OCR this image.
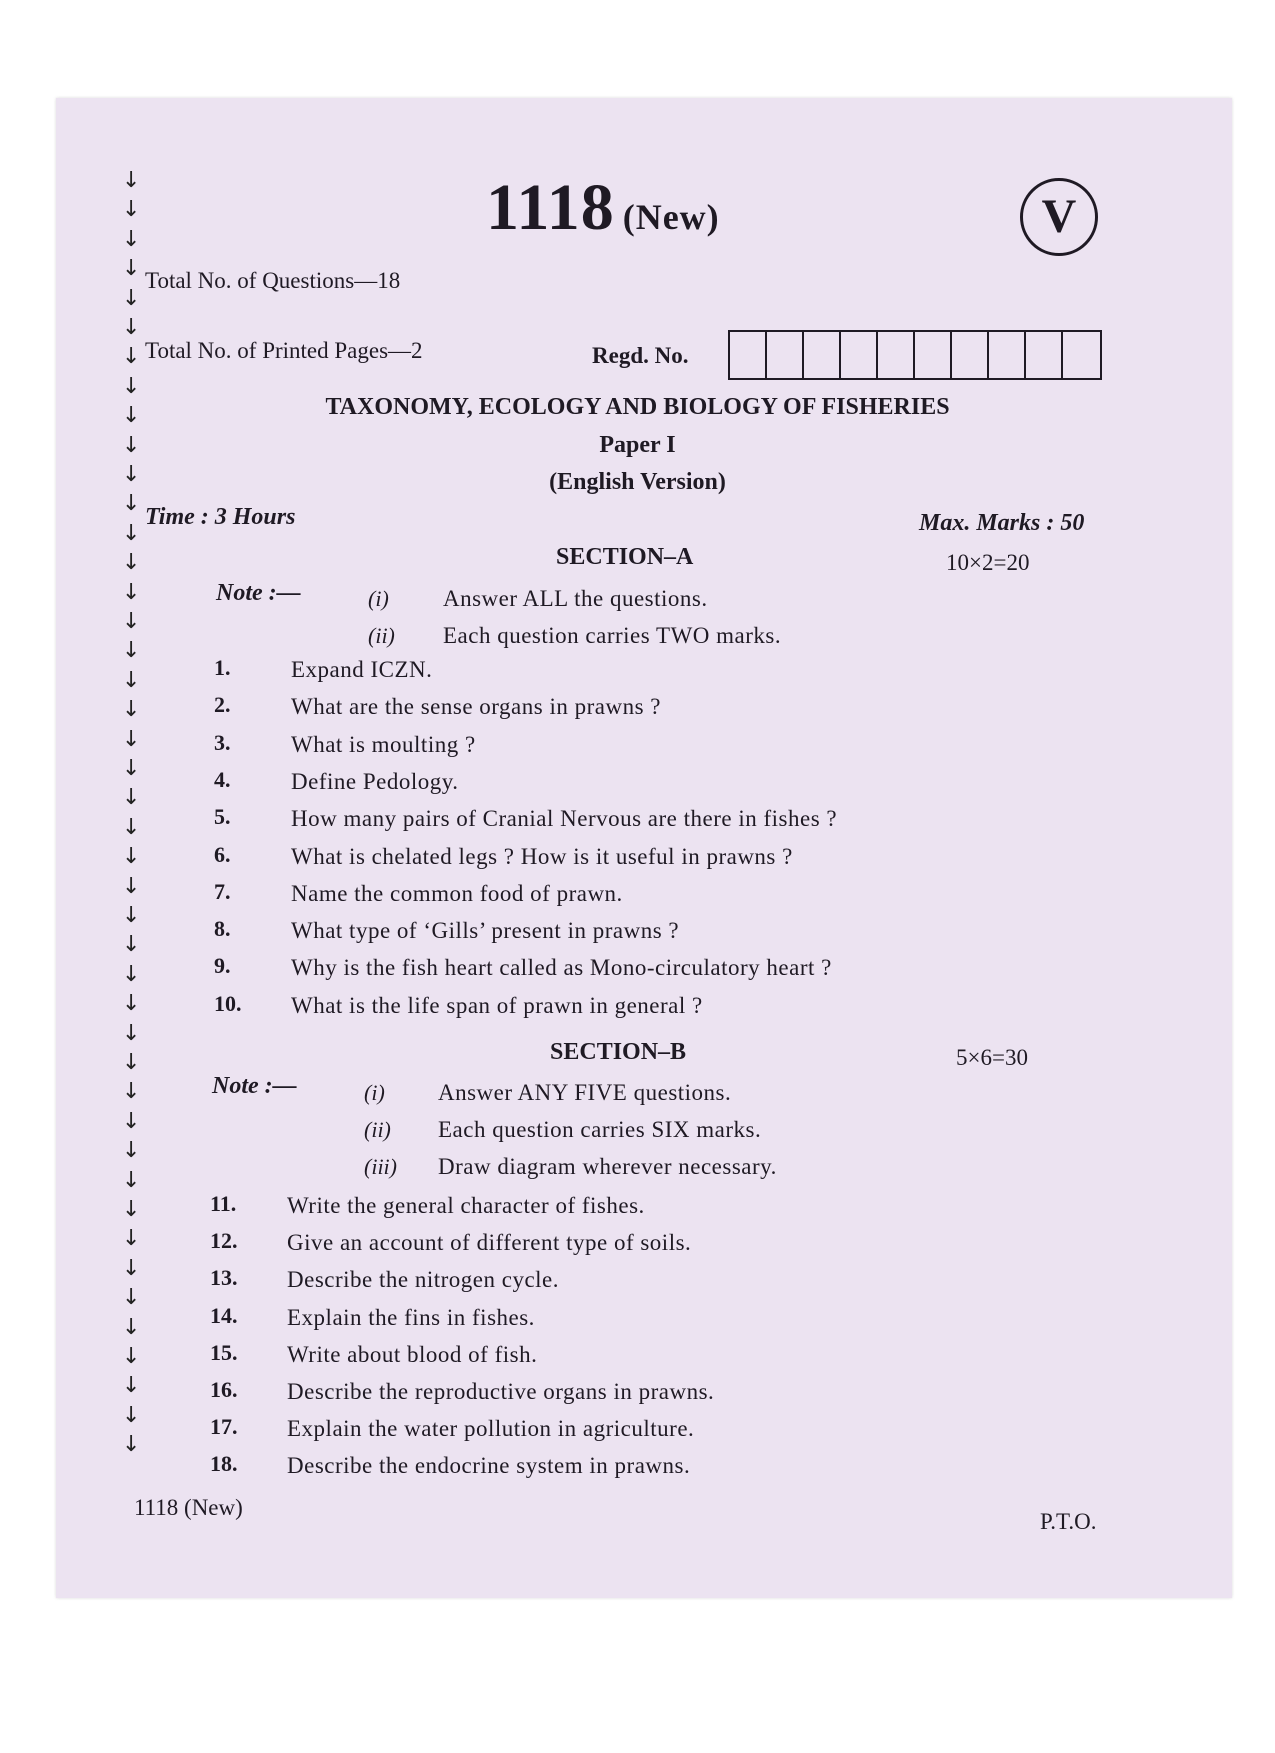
↓
↓
↓
↓
↓
↓
↓
↓
↓
↓
↓
↓
↓
↓
↓
↓
↓
↓
↓
↓
↓
↓
↓
↓
↓
↓
↓
↓
↓
↓
↓
↓
↓
↓
↓
↓
↓
↓
↓
↓
↓
↓
↓
↓
1118 (New)	V
Total No. of Questions—18
Total No. of Printed Pages—2	Regd. No.
TAXONOMY, ECOLOGY AND BIOLOGY OF FISHERIES
Paper I
(English Version)
Time : 3 Hours	Max. Marks : 50
SECTION–A	10×2=20
Note :—	(i) Answer ALL the questions.
(ii) Each question carries TWO marks.
1.	Expand ICZN.
2.	What are the sense organs in prawns ?
3.	What is moulting ?
4.	Define Pedology.
5.	How many pairs of Cranial Nervous are there in fishes ?
6.	What is chelated legs ? How is it useful in prawns ?
7.	Name the common food of prawn.
8.	What type of ‘Gills’ present in prawns ?
9.	Why is the fish heart called as Mono-circulatory heart ?
10. What is the life span of prawn in general ?
SECTION–B	5×6=30
Note :—	(i) Answer ANY FIVE questions.
(ii) Each question carries SIX marks.
(iii) Draw diagram wherever necessary.
11. Write the general character of fishes.
12. Give an account of different type of soils.
13. Describe the nitrogen cycle.
14. Explain the fins in fishes.
15. Write about blood of fish.
16. Describe the reproductive organs in prawns.
17. Explain the water pollution in agriculture.
18. Describe the endocrine system in prawns.
1118 (New)
P.T.O.
